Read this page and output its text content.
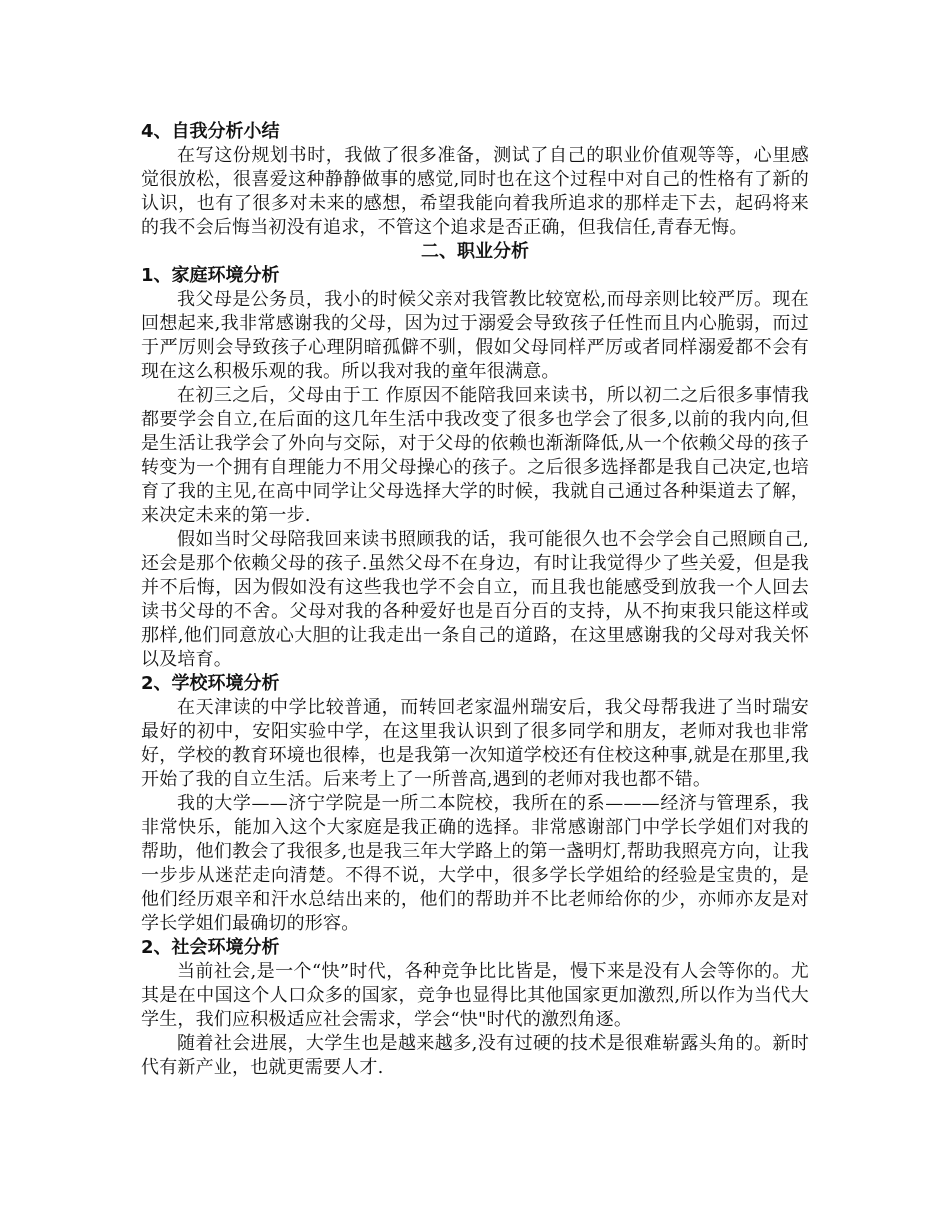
4、自我分析小结

在写这份规划书时，我做了很多准备，测试了自己的职业价值观等等，心里感觉很放松，很喜爱这种静静做事的感觉,同时也在这个过程中对自己的性格有了新的认识，也有了很多对未来的感想，希望我能向着我所追求的那样走下去，起码将来的我不会后悔当初没有追求，不管这个追求是否正确，但我信任,青春无悔。

二、职业分析

1、家庭环境分析

我父母是公务员，我小的时候父亲对我管教比较宽松,而母亲则比较严厉。现在回想起来,我非常感谢我的父母，因为过于溺爱会导致孩子任性而且内心脆弱，而过于严厉则会导致孩子心理阴暗孤僻不驯，假如父母同样严厉或者同样溺爱都不会有现在这么积极乐观的我。所以我对我的童年很满意。

在初三之后，父母由于工 作原因不能陪我回来读书，所以初二之后很多事情我都要学会自立,在后面的这几年生活中我改变了很多也学会了很多,以前的我内向,但是生活让我学会了外向与交际，对于父母的依赖也渐渐降低,从一个依赖父母的孩子转变为一个拥有自理能力不用父母操心的孩子。之后很多选择都是我自己决定,也培育了我的主见,在高中同学让父母选择大学的时候，我就自己通过各种渠道去了解，来决定未来的第一步.

假如当时父母陪我回来读书照顾我的话，我可能很久也不会学会自己照顾自己,还会是那个依赖父母的孩子.虽然父母不在身边，有时让我觉得少了些关爱，但是我并不后悔，因为假如没有这些我也学不会自立，而且我也能感受到放我一个人回去读书父母的不舍。父母对我的各种爱好也是百分百的支持，从不拘束我只能这样或那样,他们同意放心大胆的让我走出一条自己的道路，在这里感谢我的父母对我关怀以及培育。

2、学校环境分析

在天津读的中学比较普通，而转回老家温州瑞安后，我父母帮我进了当时瑞安最好的初中，安阳实验中学，在这里我认识到了很多同学和朋友，老师对我也非常好，学校的教育环境也很棒，也是我第一次知道学校还有住校这种事,就是在那里,我开始了我的自立生活。后来考上了一所普高,遇到的老师对我也都不错。

我的大学——济宁学院是一所二本院校，我所在的系———经济与管理系，我非常快乐，能加入这个大家庭是我正确的选择。非常感谢部门中学长学姐们对我的帮助，他们教会了我很多,也是我三年大学路上的第一盏明灯,帮助我照亮方向，让我一步步从迷茫走向清楚。不得不说，大学中，很多学长学姐给的经验是宝贵的，是他们经历艰辛和汗水总结出来的，他们的帮助并不比老师给你的少，亦师亦友是对学长学姐们最确切的形容。

2、社会环境分析

当前社会,是一个“快”时代，各种竞争比比皆是，慢下来是没有人会等你的。尤其是在中国这个人口众多的国家，竞争也显得比其他国家更加激烈,所以作为当代大学生，我们应积极适应社会需求，学会“快"时代的激烈角逐。

随着社会进展，大学生也是越来越多,没有过硬的技术是很难崭露头角的。新时代有新产业，也就更需要人才.
